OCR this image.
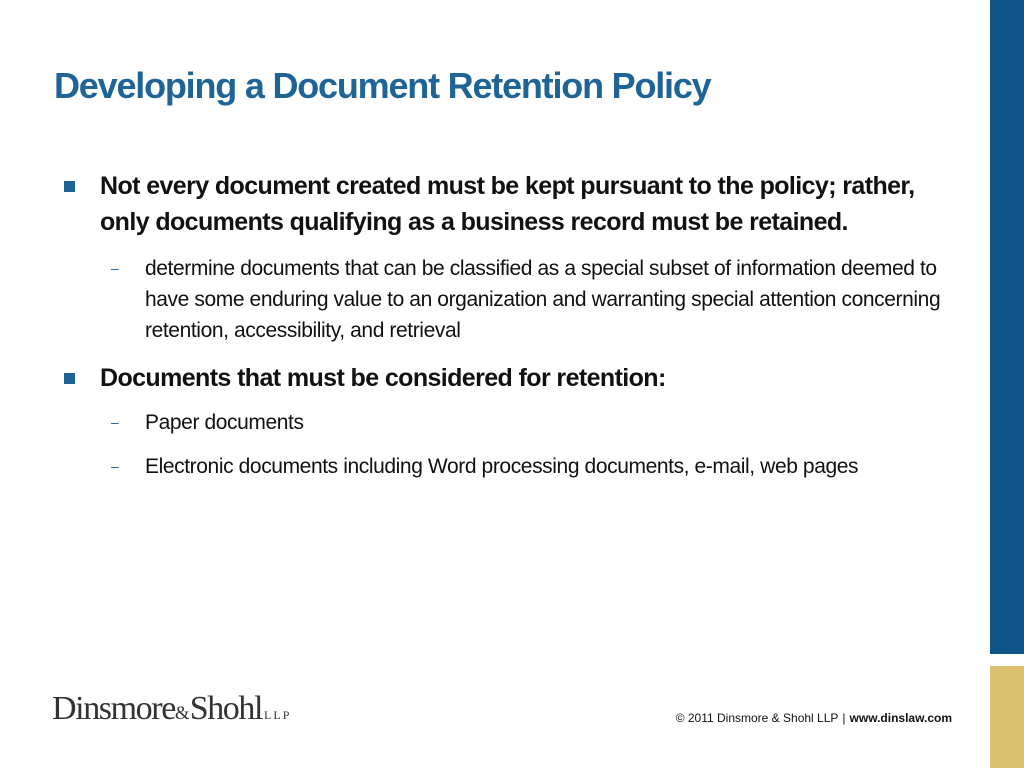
Developing a Document Retention Policy
Not every document created must be kept pursuant to the policy; rather, only documents qualifying as a business record must be retained.
– determine documents that can be classified as a special subset of information deemed to have some enduring value to an organization and warranting special attention concerning retention, accessibility, and retrieval
Documents that must be considered for retention:
– Paper documents
– Electronic documents including Word processing documents, e-mail, web pages
Dinsmore&Shohl LLP	© 2011 Dinsmore & Shohl LLP | www.dinslaw.com
